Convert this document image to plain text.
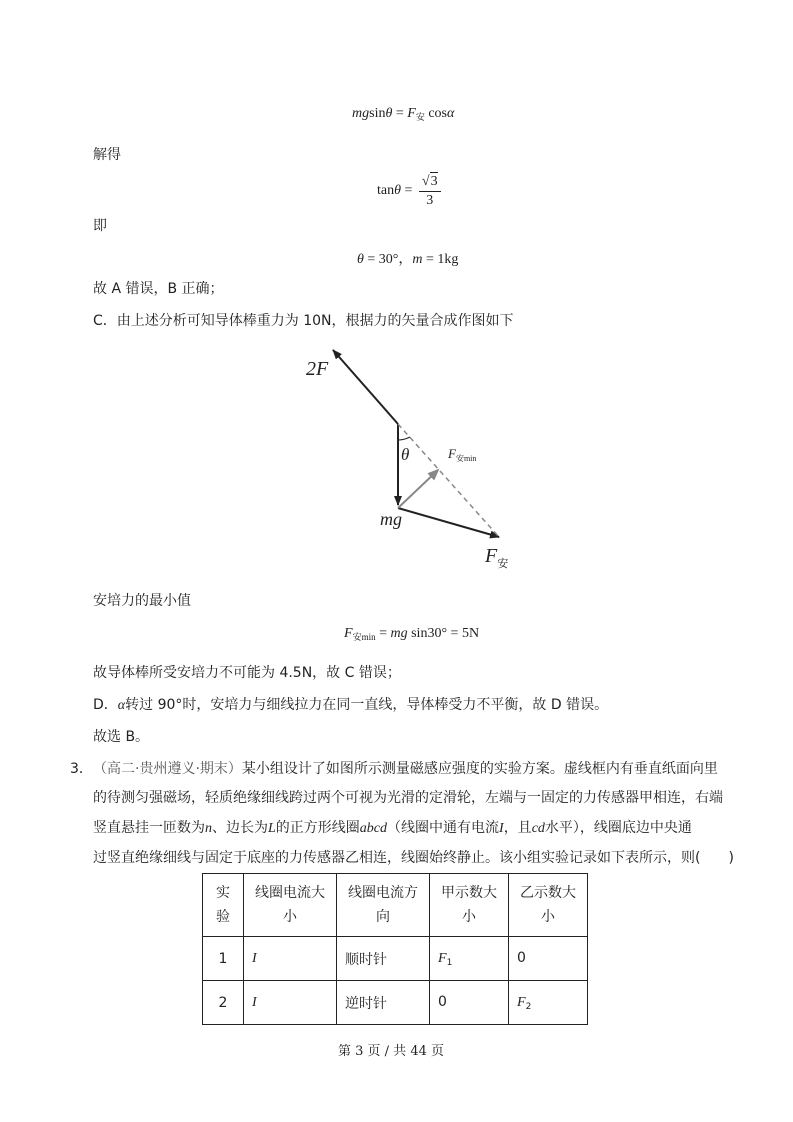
$mgsin\theta = F_安$ cosα
解得
$\tan\theta = \frac{√3}{3}$
即
θ = 30°，m = 1kg
故 A 错误，B 正确；
C．由上述分析可知导体棒重力为 10N，根据力的矢量合成作图如下
2F
θ	$F_{安min}$
mg
$F_安$
安培力的最小值
$F_{安min}$ = mg sin30° = 5N
故导体棒所受安培力不可能为 4.5N，故 C 错误；
D．α转过 90°时，安培力与细线拉力在同一直线，导体棒受力不平衡，故 D 错误。
故选 B。
3． （高二·贵州遵义·期末）某小组设计了如图所示测量磁感应强度的实验方案。虚线框内有垂直纸面向里
的待测匀强磁场，轻质绝缘细线跨过两个可视为光滑的定滑轮，左端与一固定的力传感器甲相连，右端
竖直悬挂一匝数为n、边长为L的正方形线圈abcd（线圈中通有电流I，且cd水平），线圈底边中央通
过竖直绝缘细线与固定于底座的力传感器乙相连，线圈始终静止。该小组实验记录如下表所示，则(　　)
实验	线圈电流大小	线圈电流方向	甲示数大小	乙示数大小
1	I	顺时针	$F_1$	0
2	I	逆时针	0	$F_2$
第 3 页 / 共 44 页
